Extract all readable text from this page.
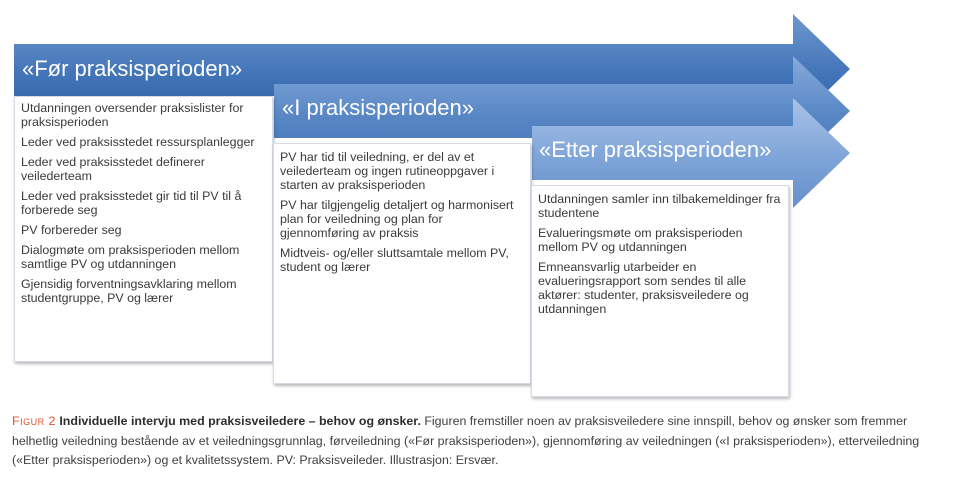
«Før praksisperioden»
«I praksisperioden»
«Etter praksisperioden»
Utdanningen oversender praksislister for praksisperioden
Leder ved praksisstedet ressursplanlegger
Leder ved praksisstedet definerer veilederteam
Leder ved praksisstedet gir tid til PV til å forberede seg
PV forbereder seg
Dialogmøte om praksisperioden mellom samtlige PV og utdanningen
Gjensidig forventningsavklaring mellom studentgruppe, PV og lærer
PV har tid til veiledning, er del av et veilederteam og ingen rutineoppgaver i starten av praksisperioden
PV har tilgjengelig detaljert og harmonisert plan for veiledning og plan for gjennomføring av praksis
Midtveis- og/eller sluttsamtale mellom PV, student og lærer
Utdanningen samler inn tilbakemeldinger fra studentene
Evalueringsmøte om praksisperioden mellom PV og utdanningen
Emneansvarlig utarbeider en evalueringsrapport som sendes til alle aktører: studenter, praksisveiledere og utdanningen
Figur 2 Individuelle intervju med praksisveiledere – behov og ønsker. Figuren fremstiller noen av praksisveiledere sine innspill, behov og ønsker som fremmer helhetlig veiledning bestående av et veiledningsgrunnlag, førveiledning («Før praksisperioden»), gjennomføring av veiledningen («I praksisperioden»), etterveiledning («Etter praksisperioden») og et kvalitetssystem. PV: Praksisveileder. Illustrasjon: Ersvær.
